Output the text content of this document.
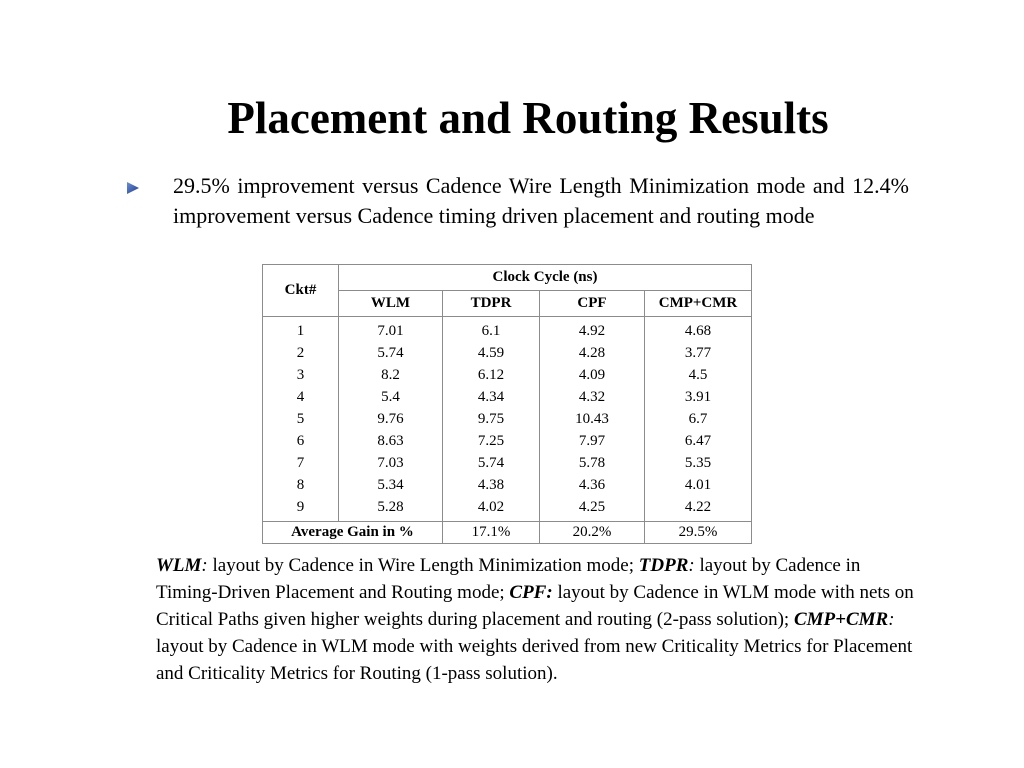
Placement and Routing Results
29.5% improvement versus Cadence Wire Length Minimization mode and 12.4% improvement versus Cadence timing driven placement and routing mode
Ckt#	Clock Cycle (ns)			
	WLM	TDPR	CPF	CMP+CMR
1	7.01	6.1	4.92	4.68
2	5.74	4.59	4.28	3.77
3	8.2	6.12	4.09	4.5
4	5.4	4.34	4.32	3.91
5	9.76	9.75	10.43	6.7
6	8.63	7.25	7.97	6.47
7	7.03	5.74	5.78	5.35
8	5.34	4.38	4.36	4.01
9	5.28	4.02	4.25	4.22
Average Gain in %		17.1%	20.2%	29.5%

WLM: layout by Cadence in Wire Length Minimization mode; TDPR: layout by Cadence in Timing-Driven Placement and Routing mode; CPF: layout by Cadence in WLM mode with nets on Critical Paths given higher weights during placement and routing (2-pass solution); CMP+CMR: layout by Cadence in WLM mode with weights derived from new Criticality Metrics for Placement and Criticality Metrics for Routing (1-pass solution).
